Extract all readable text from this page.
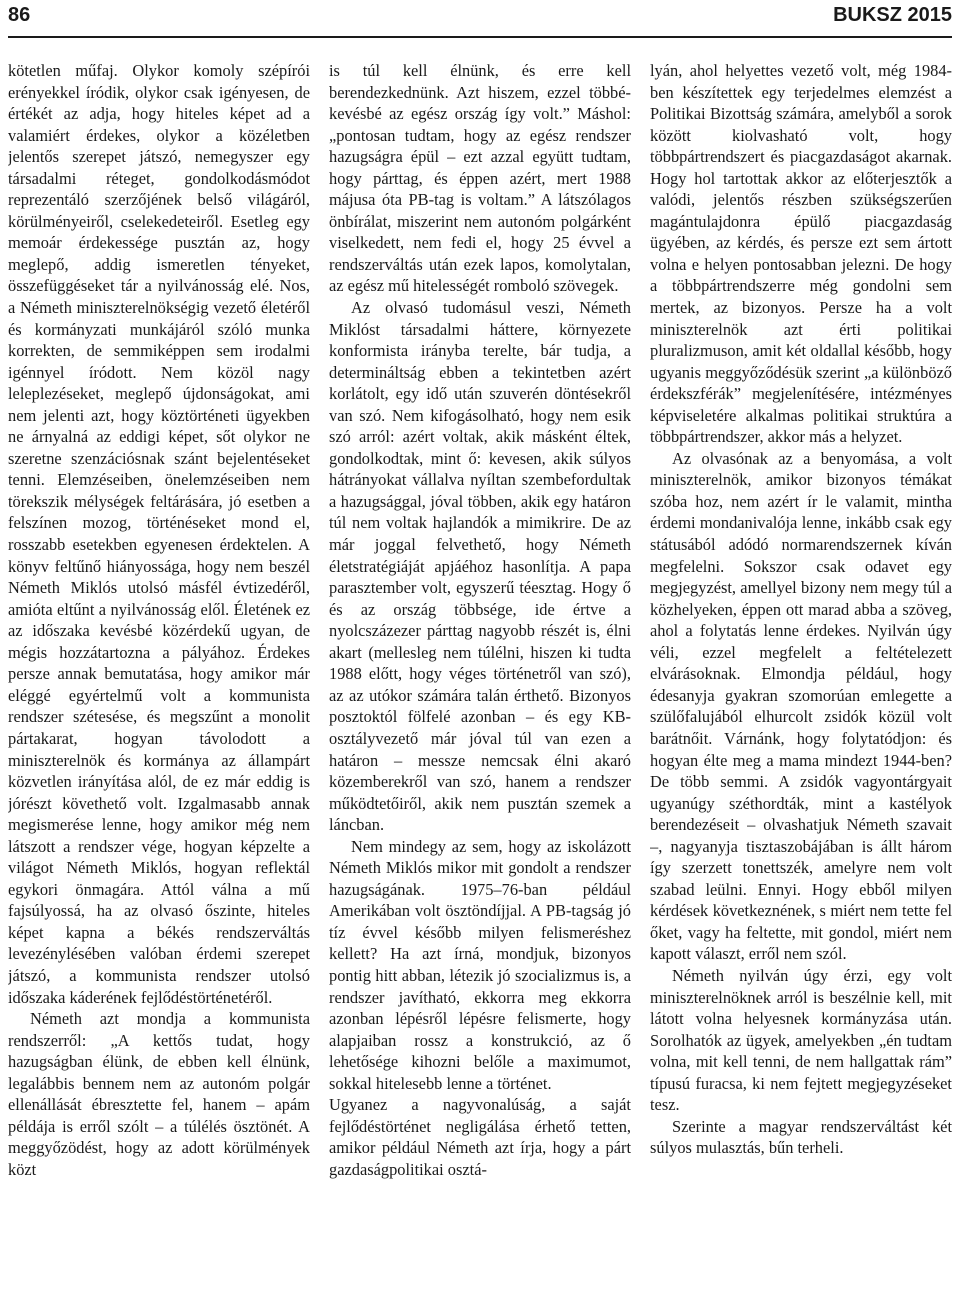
86	BUKSZ 2015

kötetlen műfaj. Olykor komoly szépírói erényekkel íródik, olykor csak igényesen, de értékét az adja, hogy hiteles képet ad a valamiért érdekes, olykor a közéletben jelentős szerepet játszó, nemegyszer egy társadalmi réteget, gondolkodásmódot reprezentáló szerzőjének belső világáról, körülményeiről, cselekedeteiről. Esetleg egy memoár érdekessége pusztán az, hogy meglepő, addig ismeretlen tényeket, összefüggéseket tár a nyilvánosság elé. Nos, a Németh miniszterelnökségig vezető életéről és kormányzati munkájáról szóló munka korrekten, de semmiképpen sem irodalmi igénnyel íródott. Nem közöl nagy leleplezéseket, meglepő újdonságokat, ami nem jelenti azt, hogy köztörténeti ügyekben ne árnyalná az eddigi képet, sőt olykor ne szeretne szenzációsnak szánt bejelentéseket tenni. Elemzéseiben, önelemzéseiben nem törekszik mélységek feltárására, jó esetben a felszínen mozog, történéseket mond el, rosszabb esetekben egyenesen érdektelen. A könyv feltűnő hiányossága, hogy nem beszél Németh Miklós utolsó másfél évtizedéről, amióta eltűnt a nyilvánosság elől. Életének ez az időszaka kevésbé közérdekű ugyan, de mégis hozzátartozna a pályához. Érdekes persze annak bemutatása, hogy amikor már eléggé egyértelmű volt a kommunista rendszer szétesése, és megszűnt a monolit pártakarat, hogyan távolodott a miniszterelnök és kormánya az állampárt közvetlen irányítása alól, de ez már eddig is jórészt követhető volt. Izgalmasabb annak megismerése lenne, hogy amikor még nem látszott a rendszer vége, hogyan képzelte a világot Németh Miklós, hogyan reflektál egykori önmagára. Attól válna a mű fajsúlyossá, ha az olvasó őszinte, hiteles képet kapna a békés rendszerváltás levezénylésében valóban érdemi szerepet játszó, a kommunista rendszer utolsó időszaka káderének fejlődéstörténetéről.

Németh azt mondja a kommunista rendszerről: „A kettős tudat, hogy hazugságban élünk, de ebben kell élnünk, legalábbis bennem nem az autonóm polgár ellenállását ébresztette fel, hanem – apám példája is erről szólt – a túlélés ösztönét. A meggyőzödést, hogy az adott körülmények közt

is túl kell élnünk, és erre kell berendezkednünk. Azt hiszem, ezzel többé-kevésbé az egész ország így volt.” Máshol: „pontosan tudtam, hogy az egész rendszer hazugságra épül – ezt azzal együtt tudtam, hogy párttag, és éppen azért, mert 1988 májusa óta PB-tag is voltam.” A látszólagos önbírálat, miszerint nem autonóm polgárként viselkedett, nem fedi el, hogy 25 évvel a rendszerváltás után ezek lapos, komolytalan, az egész mű hitelességét romboló szövegek.

Az olvasó tudomásul veszi, Németh Miklóst társadalmi háttere, környezete konformista irányba terelte, bár tudja, a determináltság ebben a tekintetben azért korlátolt, egy idő után szuverén döntésekről van szó. Nem kifogásolható, hogy nem esik szó arról: azért voltak, akik másként éltek, gondolkodtak, mint ő: kevesen, akik súlyos hátrányokat vállalva nyíltan szembefordultak a hazugsággal, jóval többen, akik egy határon túl nem voltak hajlandók a mimikrire. De az már joggal felvethető, hogy Németh életstratégiáját apjáéhoz hasonlítja. A papa parasztember volt, egyszerű téesztag. Hogy ő és az ország többsége, ide értve a nyolcszázezer párttag nagyobb részét is, élni akart (mellesleg nem túlélni, hiszen ki tudta 1988 előtt, hogy véges történetről van szó), az az utókor számára talán érthető. Bizonyos posztoktól fölfelé azonban – és egy KB-osztályvezető már jóval túl van ezen a határon – messze nemcsak élni akaró közemberekről van szó, hanem a rendszer működtetőiről, akik nem pusztán szemek a láncban.

Nem mindegy az sem, hogy az iskolázott Németh Miklós mikor mit gondolt a rendszer hazugságának. 1975–76-ban például Amerikában volt ösztöndíjjal. A PB-tagság jó tíz évvel később milyen felismeréshez kellett? Ha azt írná, mondjuk, bizonyos pontig hitt abban, létezik jó szocializmus is, a rendszer javítható, ekkorra meg ekkorra azonban lépésről lépésre felismerte, hogy alapjaiban rossz a konstrukció, az ő lehetősége kihozni belőle a maximumot, sokkal hitelesebb lenne a történet.

Ugyanez a nagyvonalúság, a saját fejlődéstörténet negligálása érhető tetten, amikor például Németh azt írja, hogy a párt gazdaságpolitikai osztá-

lyán, ahol helyettes vezető volt, még 1984-ben készítettek egy terjedelmes elemzést a Politikai Bizottság számára, amelyből a sorok között kiolvasható volt, hogy többpártrendszert és piacgazdaságot akarnak. Hogy hol tartottak akkor az előterjesztők a valódi, jelentős részben szükségszerűen magántulajdonra épülő piacgazdaság ügyében, az kérdés, és persze ezt sem ártott volna e helyen pontosabban jelezni. De hogy a többpártrendszerre még gondolni sem mertek, az bizonyos. Persze ha a volt miniszterelnök azt érti politikai pluralizmuson, amit két oldallal később, hogy ugyanis meggyőződésük szerint „a különböző érdekszférák” megjelenítésére, intézményes képviseletére alkalmas politikai struktúra a többpártrendszer, akkor más a helyzet.

Az olvasónak az a benyomása, a volt miniszterelnök, amikor bizonyos témákat szóba hoz, nem azért ír le valamit, mintha érdemi mondanivalója lenne, inkább csak egy státusából adódó normarendszernek kíván megfelelni. Sokszor csak odavet egy megjegyzést, amellyel bizony nem megy túl a közhelyeken, éppen ott marad abba a szöveg, ahol a folytatás lenne érdekes. Nyilván úgy véli, ezzel megfelelt a feltételezett elvárásoknak. Elmondja például, hogy édesanyja gyakran szomorúan emlegette a szülőfalujából elhurcolt zsidók közül volt barátnőit. Várnánk, hogy folytatódjon: és hogyan élte meg a mama mindezt 1944-ben? De több semmi. A zsidók vagyontárgyait ugyanúgy széthordták, mint a kastélyok berendezéseit – olvashatjuk Németh szavait –, nagyanyja tisztaszobájában is állt három így szerzett tonettszék, amelyre nem volt szabad leülni. Ennyi. Hogy ebből milyen kérdések következnének, s miért nem tette fel őket, vagy ha feltette, mit gondol, miért nem kapott választ, erről nem szól.

Németh nyilván úgy érzi, egy volt miniszterelnöknek arról is beszélnie kell, mit látott volna helyesnek kormányzása után. Sorolhatók az ügyek, amelyekben „én tudtam volna, mit kell tenni, de nem hallgattak rám” típusú furacsa, ki nem fejtett megjegyzéseket tesz.

Szerinte a magyar rendszerváltást két súlyos mulasztás, bűn terheli.
